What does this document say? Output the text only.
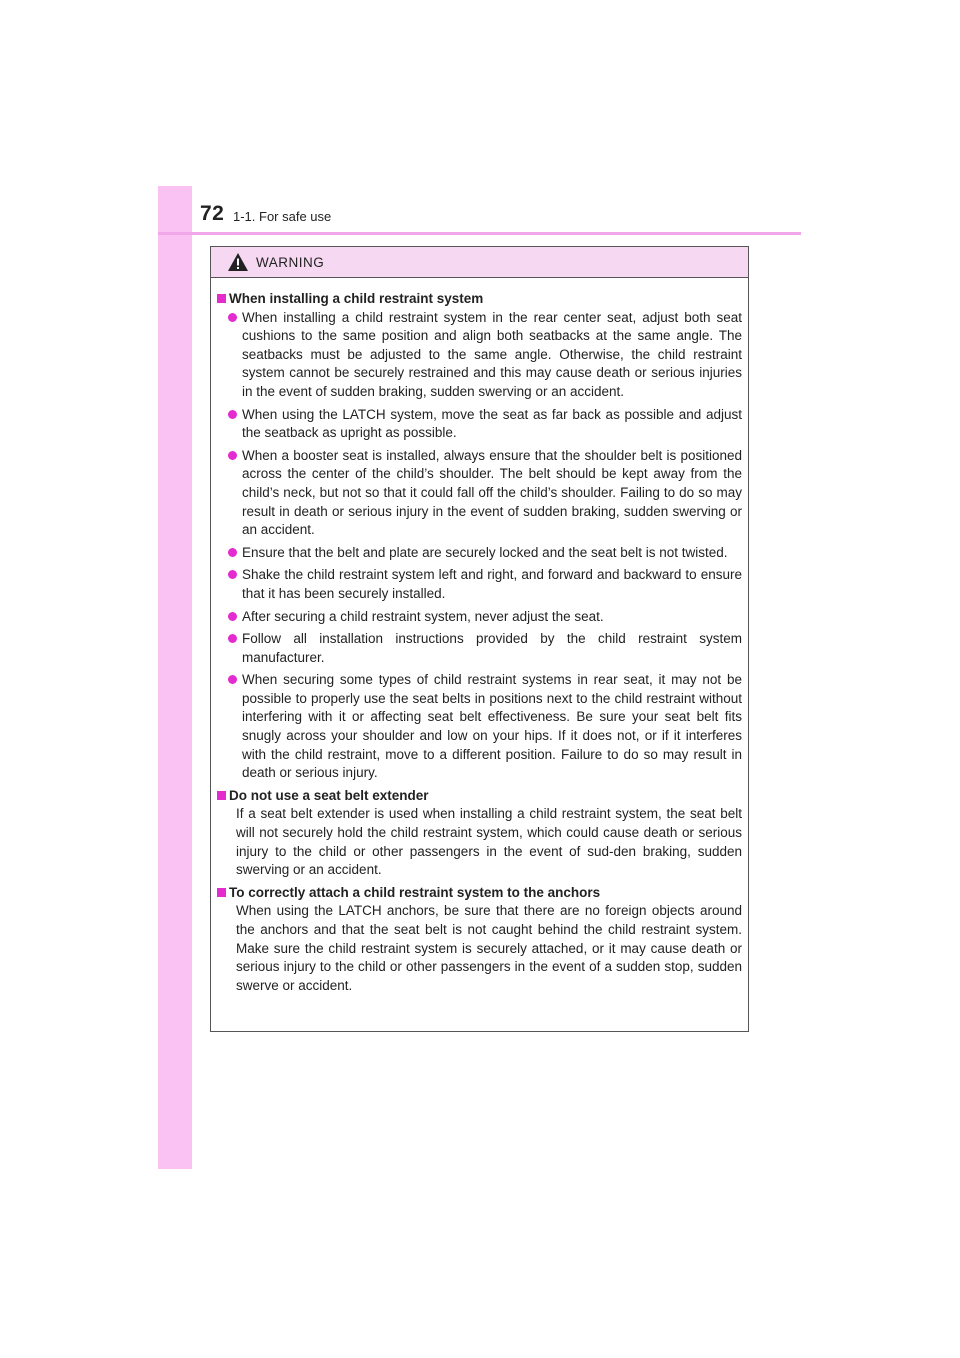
72 1-1. For safe use
WARNING
When installing a child restraint system
When installing a child restraint system in the rear center seat, adjust both seat cushions to the same position and align both seatbacks at the same angle. The seatbacks must be adjusted to the same angle. Otherwise, the child restraint system cannot be securely restrained and this may cause death or serious injuries in the event of sudden braking, sudden swerving or an accident.
When using the LATCH system, move the seat as far back as possible and adjust the seatback as upright as possible.
When a booster seat is installed, always ensure that the shoulder belt is positioned across the center of the child’s shoulder. The belt should be kept away from the child’s neck, but not so that it could fall off the child’s shoulder. Failing to do so may result in death or serious injury in the event of sudden braking, sudden swerving or an accident.
Ensure that the belt and plate are securely locked and the seat belt is not twisted.
Shake the child restraint system left and right, and forward and backward to ensure that it has been securely installed.
After securing a child restraint system, never adjust the seat.
Follow all installation instructions provided by the child restraint system manufacturer.
When securing some types of child restraint systems in rear seat, it may not be possible to properly use the seat belts in positions next to the child restraint without interfering with it or affecting seat belt effectiveness. Be sure your seat belt fits snugly across your shoulder and low on your hips. If it does not, or if it interferes with the child restraint, move to a different position. Failure to do so may result in death or serious injury.
Do not use a seat belt extender

If a seat belt extender is used when installing a child restraint system, the seat belt will not securely hold the child restraint system, which could cause death or serious injury to the child or other passengers in the event of sud-den braking, sudden swerving or an accident.

To correctly attach a child restraint system to the anchors

When using the LATCH anchors, be sure that there are no foreign objects around the anchors and that the seat belt is not caught behind the child restraint system. Make sure the child restraint system is securely attached, or it may cause death or serious injury to the child or other passengers in the event of a sudden stop, sudden swerve or accident.
